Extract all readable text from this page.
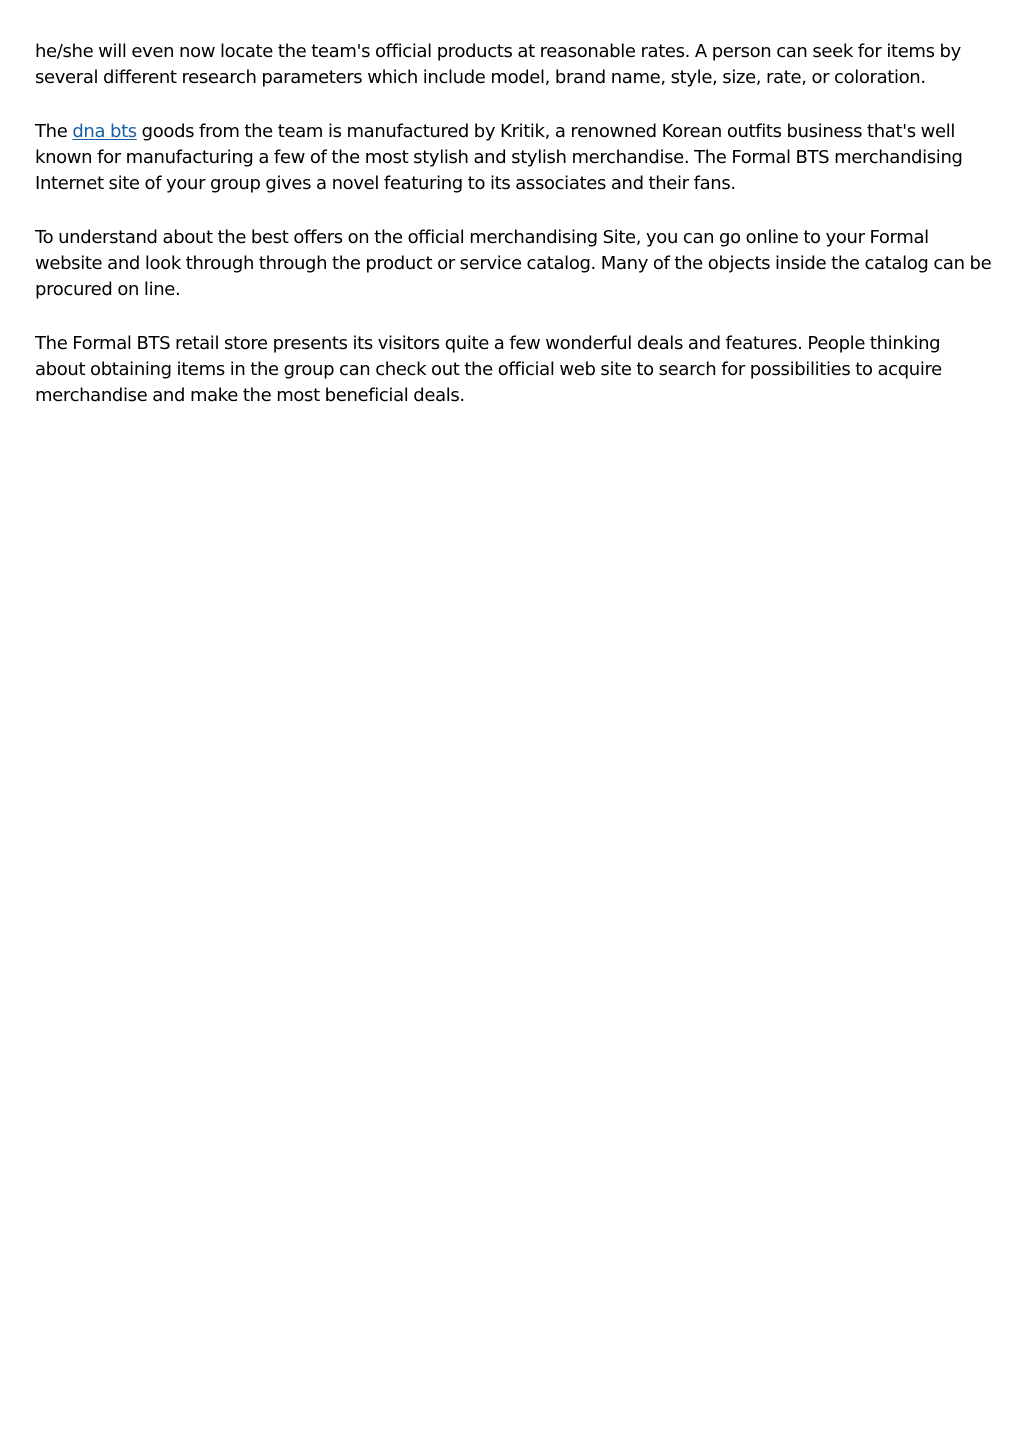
he/she will even now locate the team's official products at reasonable rates. A person can seek for items by several different research parameters which include model, brand name, style, size, rate, or coloration.

The dna bts goods from the team is manufactured by Kritik, a renowned Korean outfits business that's well known for manufacturing a few of the most stylish and stylish merchandise. The Formal BTS merchandising Internet site of your group gives a novel featuring to its associates and their fans.

To understand about the best offers on the official merchandising Site, you can go online to your Formal website and look through through the product or service catalog. Many of the objects inside the catalog can be procured on line.

The Formal BTS retail store presents its visitors quite a few wonderful deals and features. People thinking about obtaining items in the group can check out the official web site to search for possibilities to acquire merchandise and make the most beneficial deals.
